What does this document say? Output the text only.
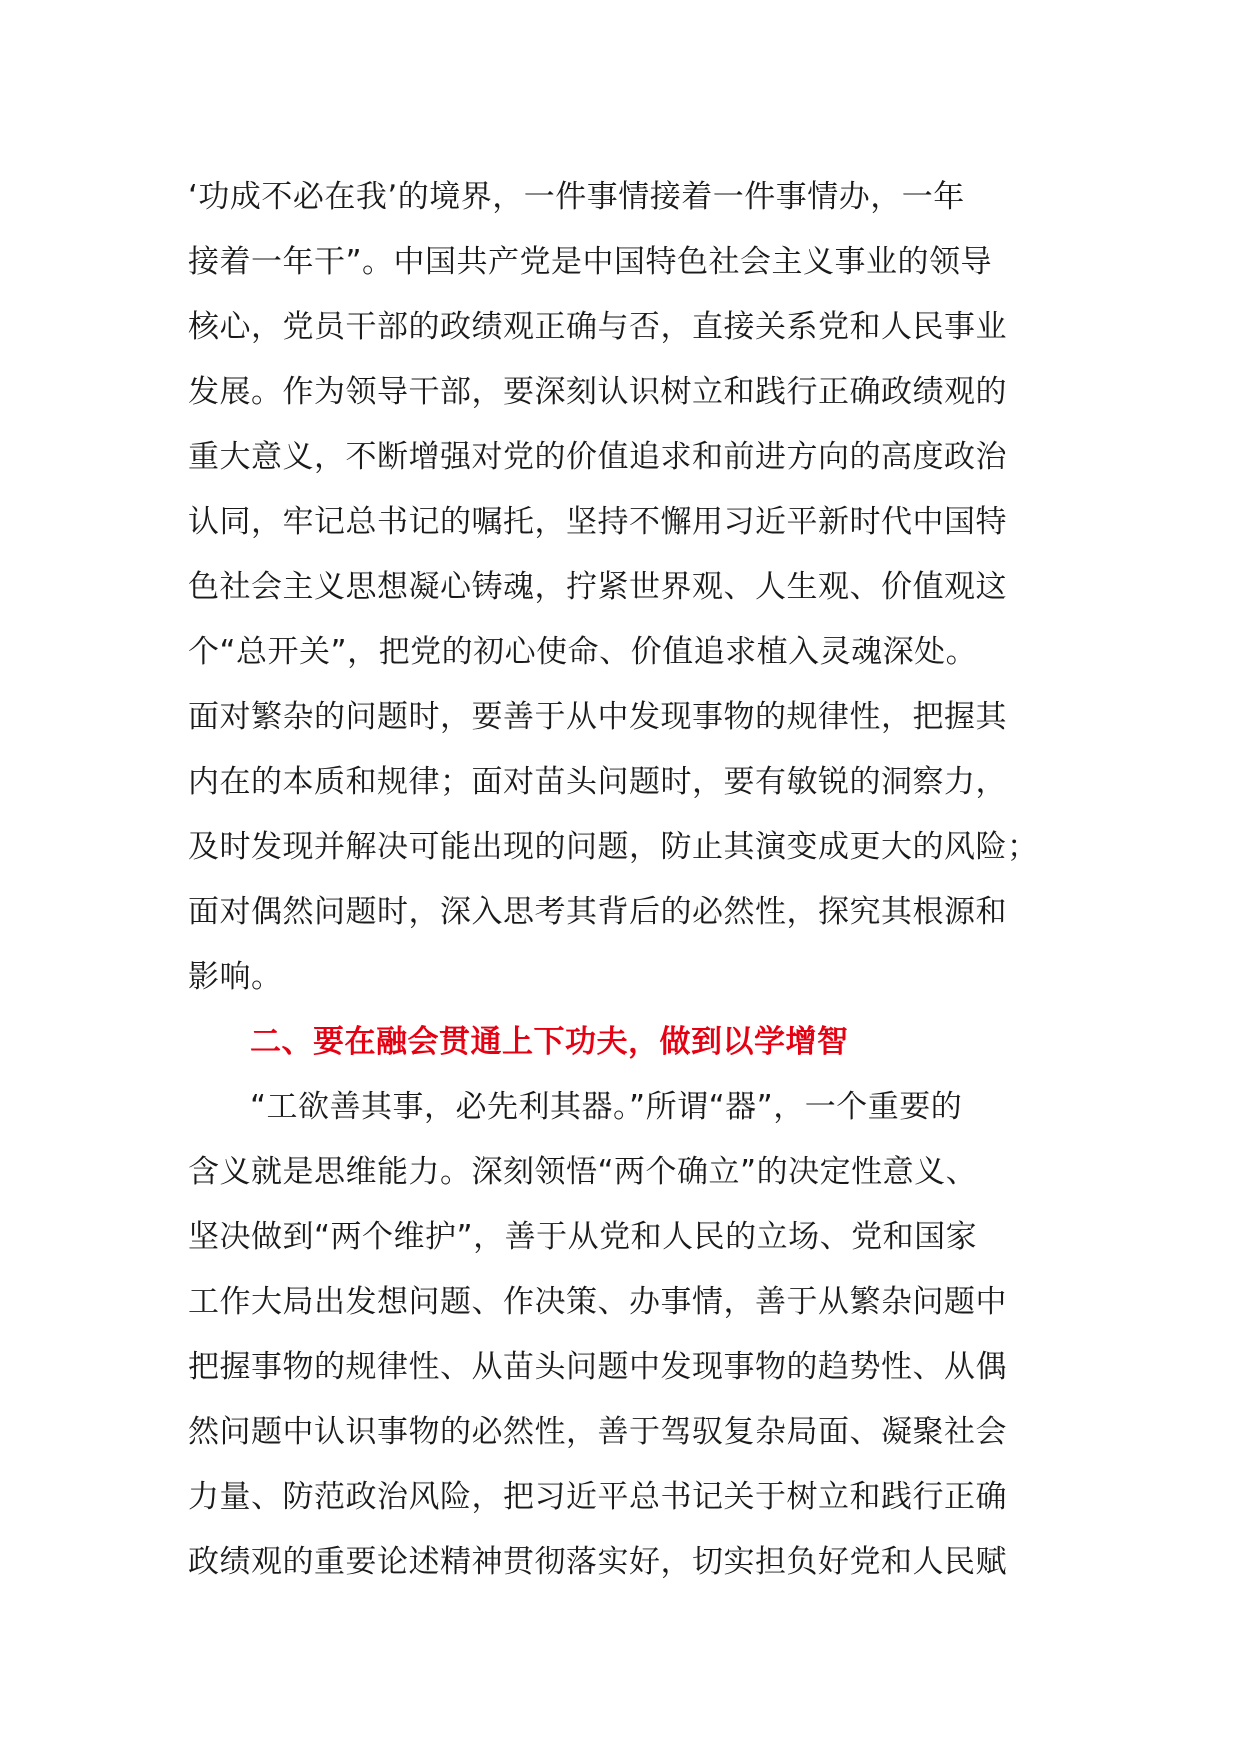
‘功成不必在我’的境界，一件事情接着一件事情办，一年
接着一年干”。中国共产党是中国特色社会主义事业的领导
核心，党员干部的政绩观正确与否，直接关系党和人民事业
发展。作为领导干部，要深刻认识树立和践行正确政绩观的
重大意义，不断增强对党的价值追求和前进方向的高度政治
认同，牢记总书记的嘱托，坚持不懈用习近平新时代中国特
色社会主义思想凝心铸魂，拧紧世界观、人生观、价值观这
个“总开关”，把党的初心使命、价值追求植入灵魂深处。
面对繁杂的问题时，要善于从中发现事物的规律性，把握其
内在的本质和规律；面对苗头问题时，要有敏锐的洞察力，
及时发现并解决可能出现的问题，防止其演变成更大的风险；
面对偶然问题时，深入思考其背后的必然性，探究其根源和
影响。
二、要在融会贯通上下功夫，做到以学增智
“工欲善其事，必先利其器。”所谓“器”，一个重要的
含义就是思维能力。深刻领悟“两个确立”的决定性意义、
坚决做到“两个维护”，善于从党和人民的立场、党和国家
工作大局出发想问题、作决策、办事情，善于从繁杂问题中
把握事物的规律性、从苗头问题中发现事物的趋势性、从偶
然问题中认识事物的必然性，善于驾驭复杂局面、凝聚社会
力量、防范政治风险，把习近平总书记关于树立和践行正确
政绩观的重要论述精神贯彻落实好，切实担负好党和人民赋
